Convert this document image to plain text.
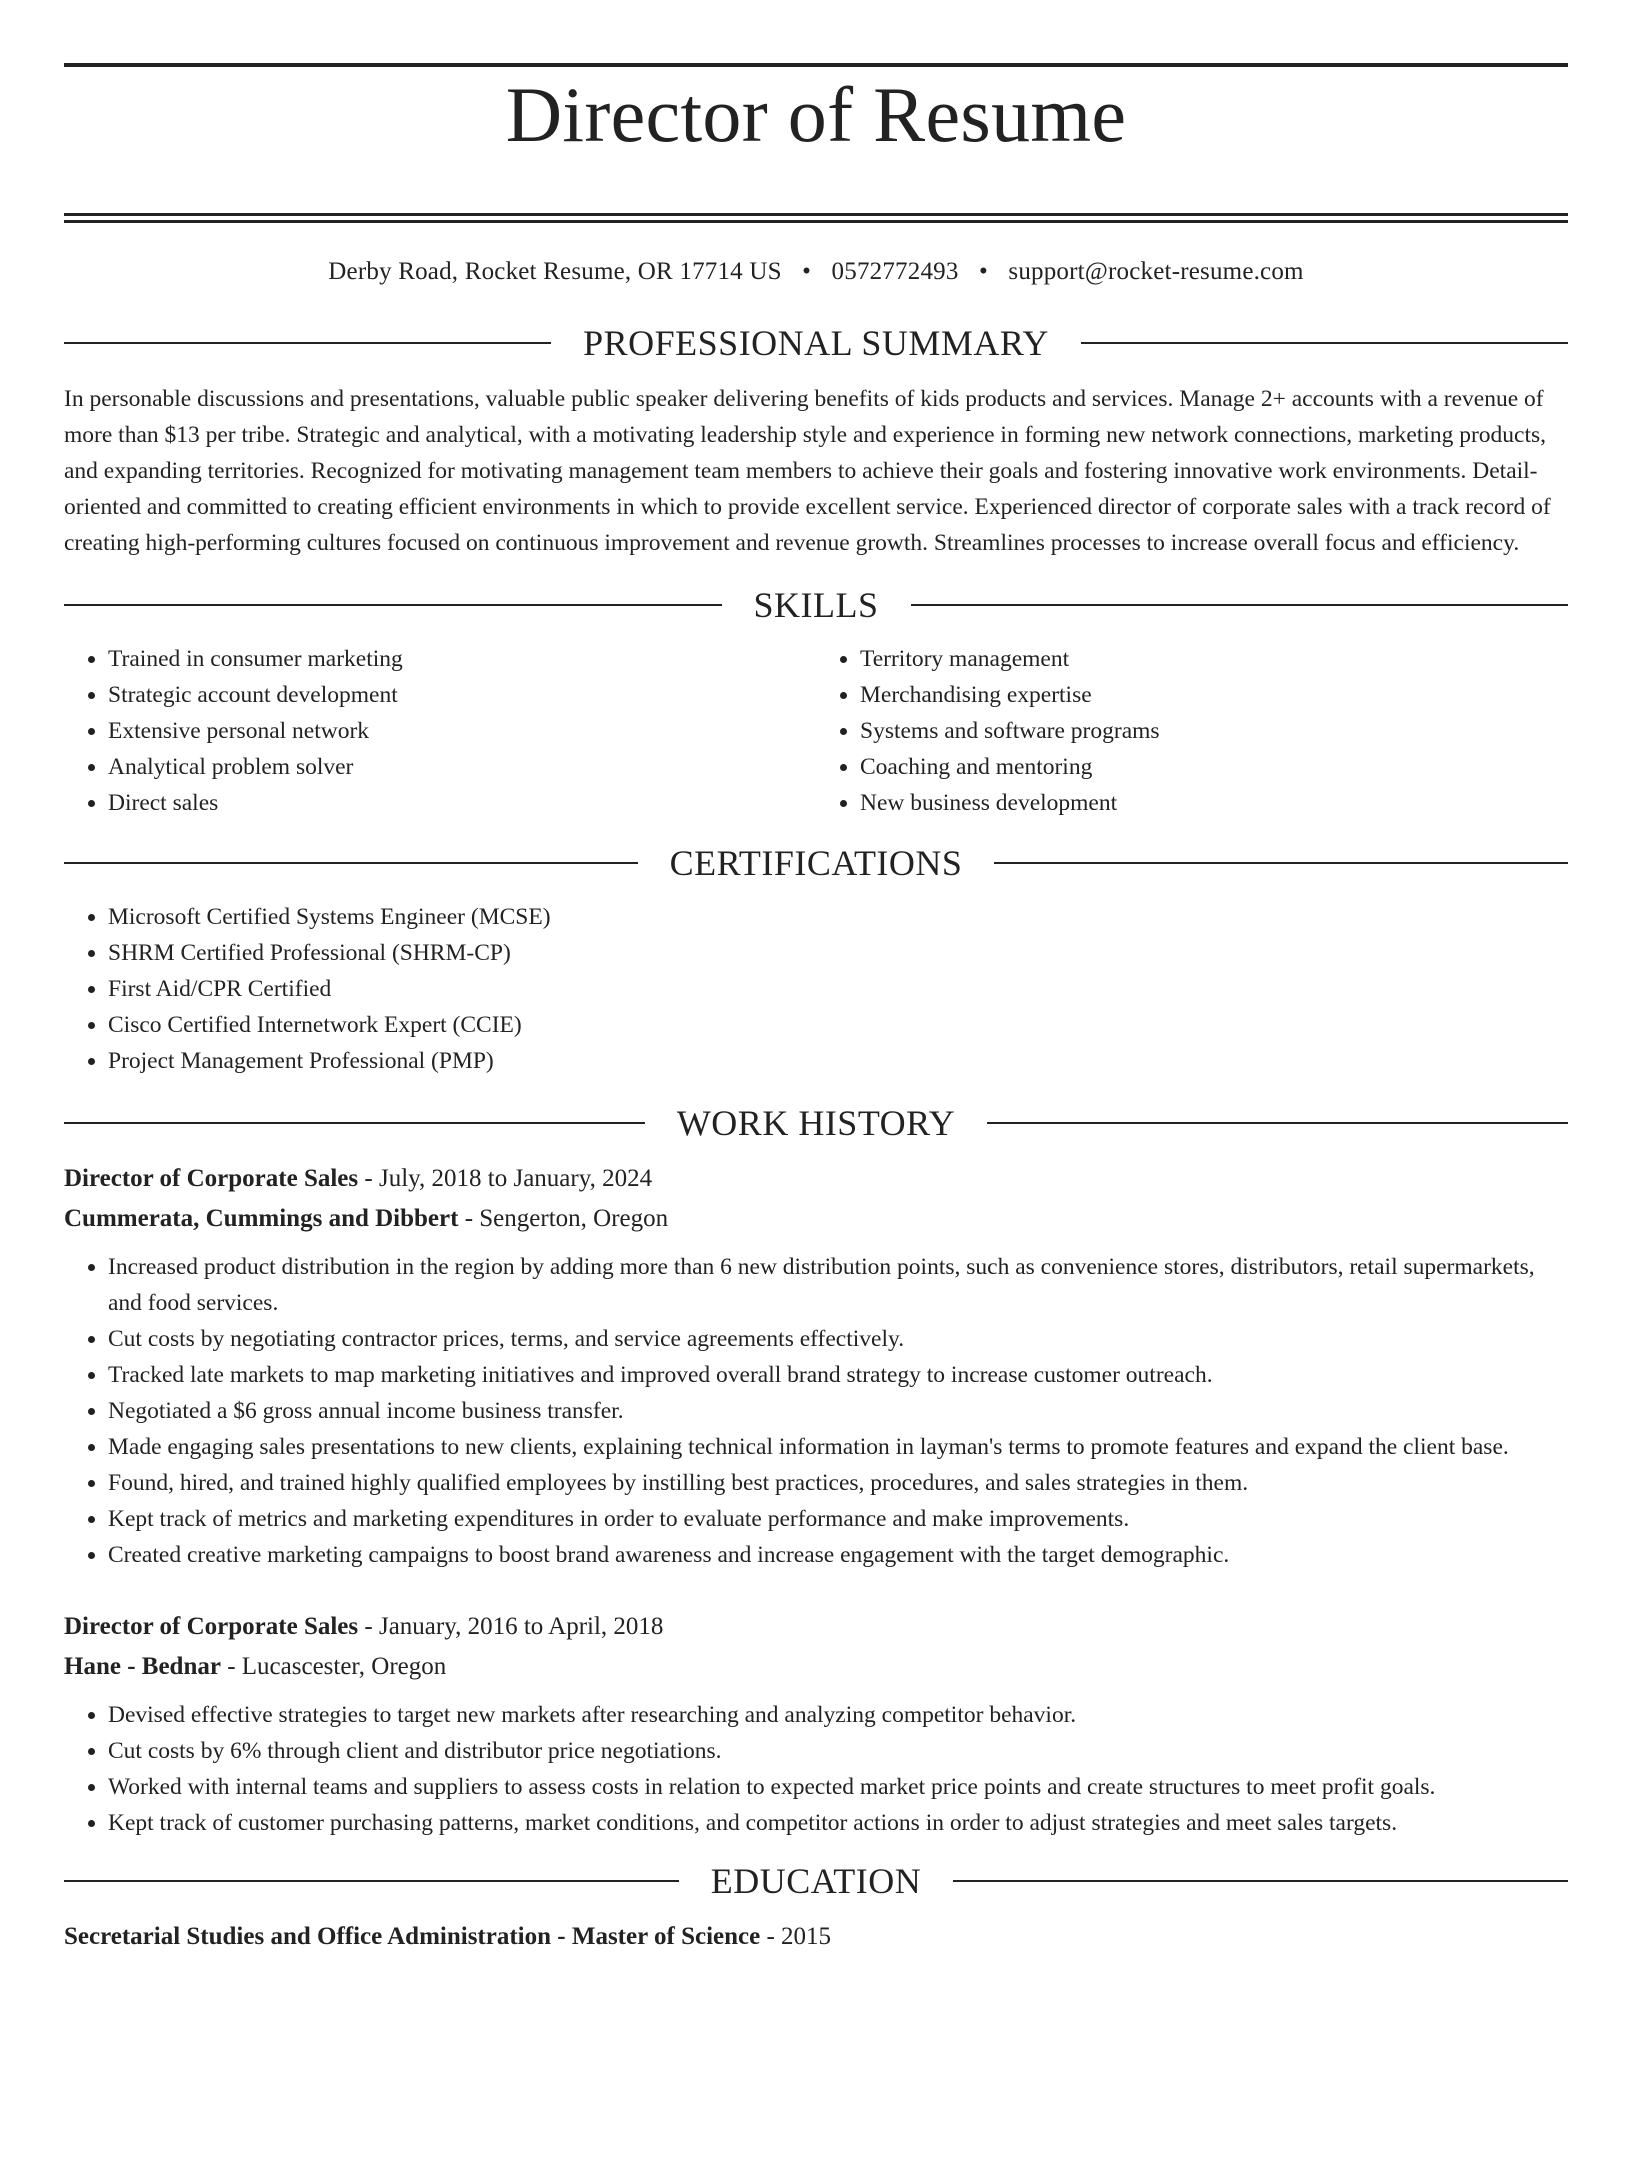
Director of Resume
Derby Road, Rocket Resume, OR 17714 US • 0572772493 • support@rocket-resume.com
PROFESSIONAL SUMMARY

In personable discussions and presentations, valuable public speaker delivering benefits of kids products and services. Manage 2+ accounts with a revenue of more than $13 per tribe. Strategic and analytical, with a motivating leadership style and experience in forming new network connections, marketing products, and expanding territories. Recognized for motivating management team members to achieve their goals and fostering innovative work environments. Detail-oriented and committed to creating efficient environments in which to provide excellent service. Experienced director of corporate sales with a track record of creating high-performing cultures focused on continuous improvement and revenue growth. Streamlines processes to increase overall focus and efficiency.

SKILLS
• Trained in consumer marketing
• Strategic account development
• Extensive personal network
• Analytical problem solver
• Direct sales
• Territory management
• Merchandising expertise
• Systems and software programs
• Coaching and mentoring
• New business development
CERTIFICATIONS
• Microsoft Certified Systems Engineer (MCSE)
• SHRM Certified Professional (SHRM-CP)
• First Aid/CPR Certified
• Cisco Certified Internetwork Expert (CCIE)
• Project Management Professional (PMP)
WORK HISTORY
Director of Corporate Sales - July, 2018 to January, 2024
Cummerata, Cummings and Dibbert - Sengerton, Oregon
• Increased product distribution in the region by adding more than 6 new distribution points, such as convenience stores, distributors, retail supermarkets, and food services.
• Cut costs by negotiating contractor prices, terms, and service agreements effectively.
• Tracked late markets to map marketing initiatives and improved overall brand strategy to increase customer outreach.
• Negotiated a $6 gross annual income business transfer.
• Made engaging sales presentations to new clients, explaining technical information in layman's terms to promote features and expand the client base.
• Found, hired, and trained highly qualified employees by instilling best practices, procedures, and sales strategies in them.
• Kept track of metrics and marketing expenditures in order to evaluate performance and make improvements.
• Created creative marketing campaigns to boost brand awareness and increase engagement with the target demographic.
Director of Corporate Sales - January, 2016 to April, 2018
Hane - Bednar - Lucascester, Oregon
• Devised effective strategies to target new markets after researching and analyzing competitor behavior.
• Cut costs by 6% through client and distributor price negotiations.
• Worked with internal teams and suppliers to assess costs in relation to expected market price points and create structures to meet profit goals.
• Kept track of customer purchasing patterns, market conditions, and competitor actions in order to adjust strategies and meet sales targets.
EDUCATION
Secretarial Studies and Office Administration - Master of Science - 2015
